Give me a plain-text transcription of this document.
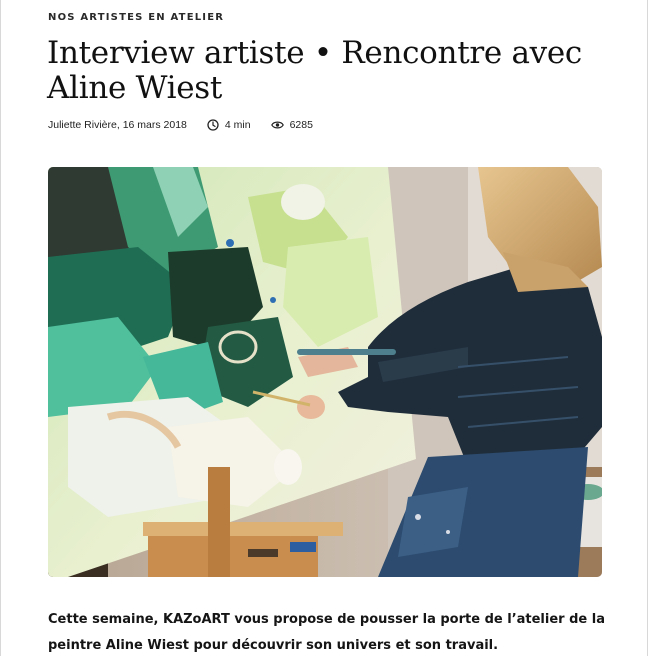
NOS ARTISTES EN ATELIER
Interview artiste • Rencontre avec Aline Wiest
Juliette Rivière, 16 mars 2018	4 min	6285
Cette semaine, KAZoART vous propose de pousser la porte de l’atelier de la peintre Aline Wiest pour découvrir son univers et son travail.
